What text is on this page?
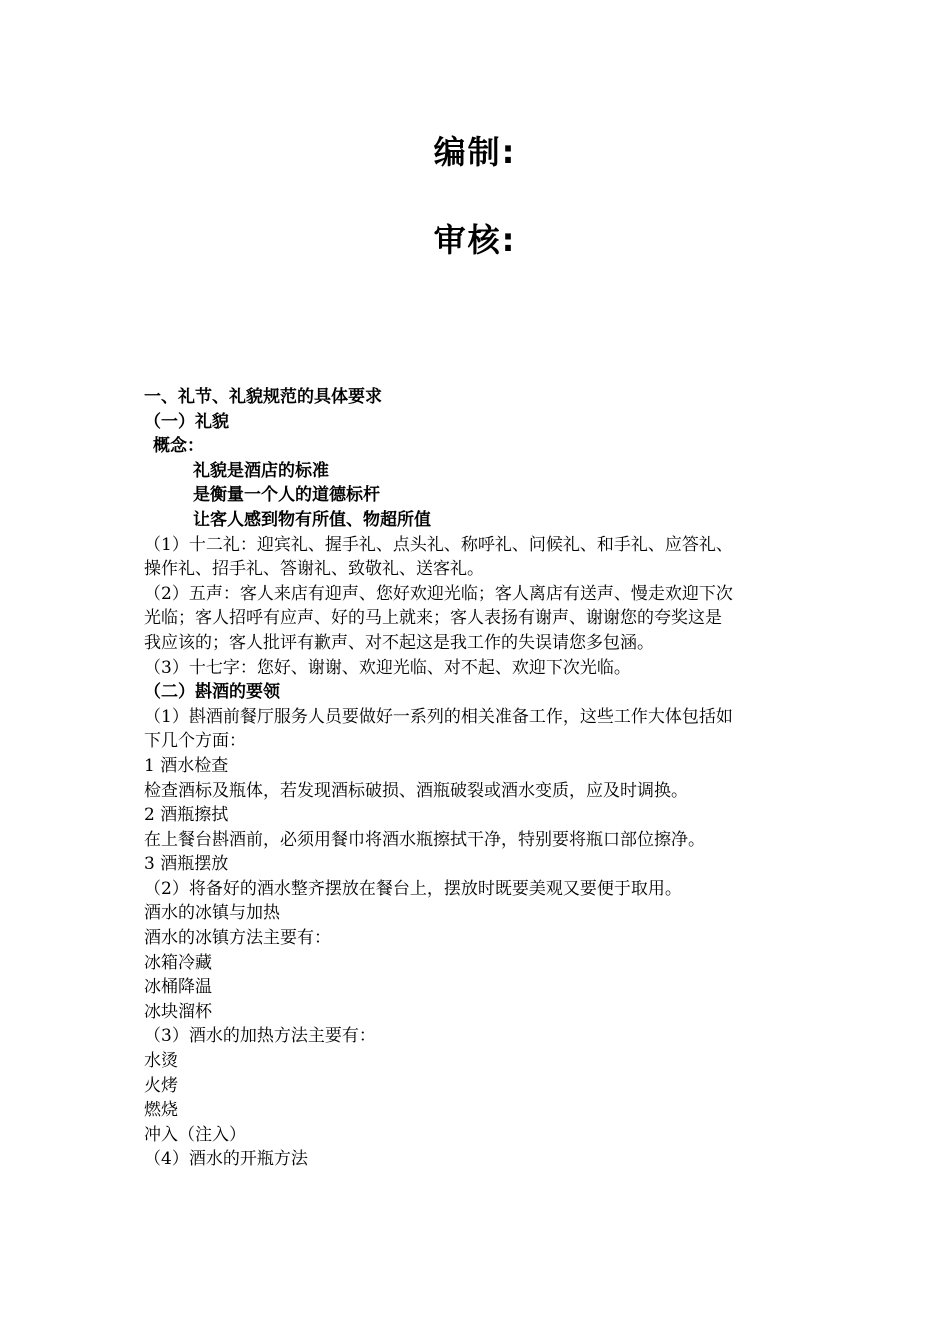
编制:
审核:
一、礼节、礼貌规范的具体要求
（一）礼貌
概念：
礼貌是酒店的标准
是衡量一个人的道德标杆
让客人感到物有所值、物超所值
（1）十二礼：迎宾礼、握手礼、点头礼、称呼礼、问候礼、和手礼、应答礼、
操作礼、招手礼、答谢礼、致敬礼、送客礼。
（2）五声：客人来店有迎声、您好欢迎光临；客人离店有送声、慢走欢迎下次
光临；客人招呼有应声、好的马上就来；客人表扬有谢声、谢谢您的夸奖这是
我应该的；客人批评有歉声、对不起这是我工作的失误请您多包涵。
（3）十七字：您好、谢谢、欢迎光临、对不起、欢迎下次光临。
（二）斟酒的要领
（1）斟酒前餐厅服务人员要做好一系列的相关准备工作，这些工作大体包括如
下几个方面：
1 酒水检查
检查酒标及瓶体，若发现酒标破损、酒瓶破裂或酒水变质，应及时调换。
2 酒瓶擦拭
在上餐台斟酒前，必须用餐巾将酒水瓶擦拭干净，特别要将瓶口部位擦净。
3 酒瓶摆放
（2）将备好的酒水整齐摆放在餐台上，摆放时既要美观又要便于取用。
酒水的冰镇与加热
酒水的冰镇方法主要有：
冰箱冷藏
冰桶降温
冰块溜杯
（3）酒水的加热方法主要有：
水烫
火烤
燃烧
冲入（注入）
（4）酒水的开瓶方法
